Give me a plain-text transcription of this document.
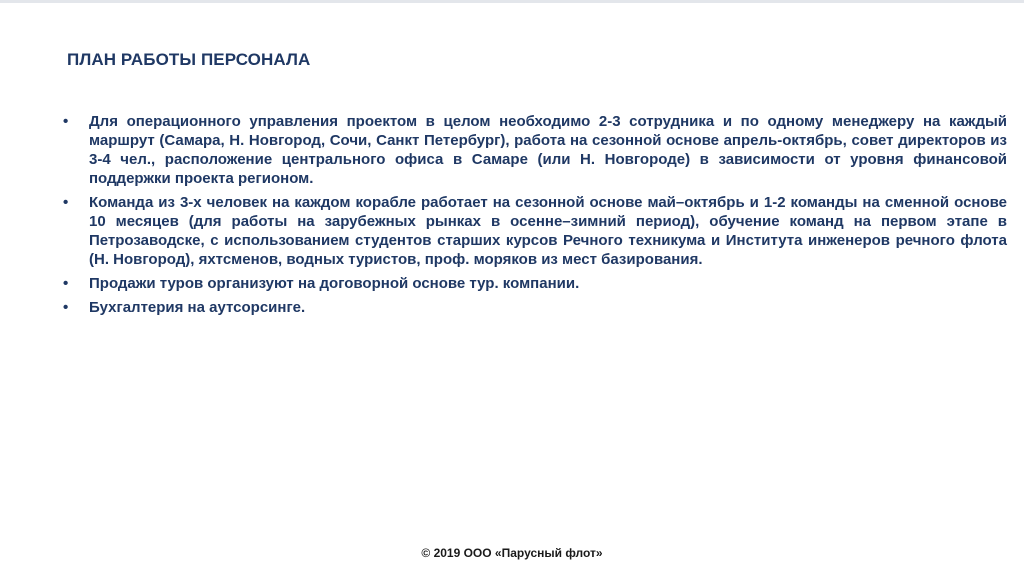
ПЛАН РАБОТЫ ПЕРСОНАЛА
•	Для операционного управления проектом в целом необходимо 2-3 сотрудника и по одному менеджеру на каждый маршрут (Самара, Н. Новгород, Сочи, Санкт Петербург), работа на сезонной основе апрель-октябрь, совет директоров из 3-4 чел., расположение центрального офиса в Самаре (или Н. Новгороде) в зависимости от уровня финансовой поддержки проекта регионом.
•	Команда из 3-х человек на каждом корабле работает на сезонной основе май–октябрь и 1-2 команды на сменной основе 10 месяцев (для работы на зарубежных рынках в осенне–зимний период), обучение команд на первом этапе в Петрозаводске, с использованием студентов старших курсов Речного техникума и Института инженеров речного флота (Н. Новгород), яхтсменов, водных туристов, проф. моряков из мест базирования.
•	Продажи туров организуют на договорной основе тур. компании.
•	Бухгалтерия на аутсорсинге.
© 2019 ООО «Парусный флот»
